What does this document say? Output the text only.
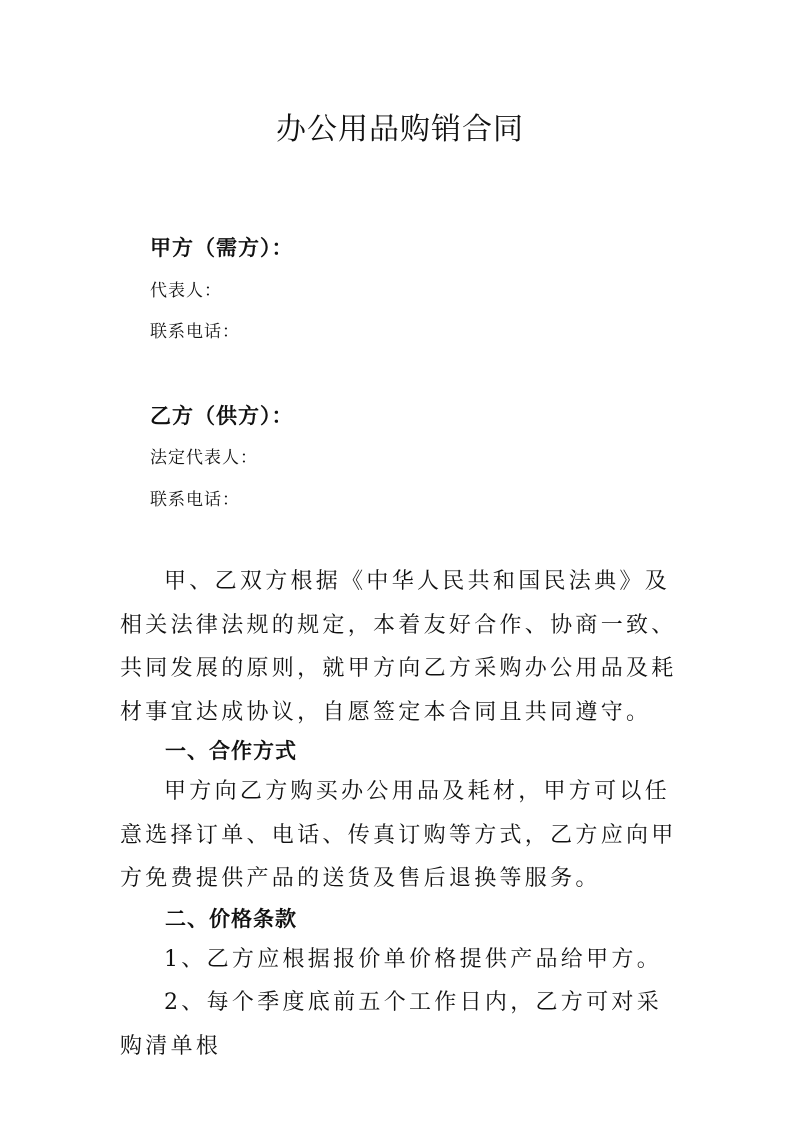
办公用品购销合同
甲方（需方）：
代表人：
联系电话：
乙方（供方）：
法定代表人：
联系电话：

甲、乙双方根据《中华人民共和国民法典》及相关法律法规的规定，本着友好合作、协商一致、共同发展的原则，就甲方向乙方采购办公用品及耗材事宜达成协议，自愿签定本合同且共同遵守。

一、合作方式

甲方向乙方购买办公用品及耗材，甲方可以任意选择订单、电话、传真订购等方式，乙方应向甲方免费提供产品的送货及售后退换等服务。

二、价格条款

1、乙方应根据报价单价格提供产品给甲方。

2、每个季度底前五个工作日内，乙方可对采购清单根
